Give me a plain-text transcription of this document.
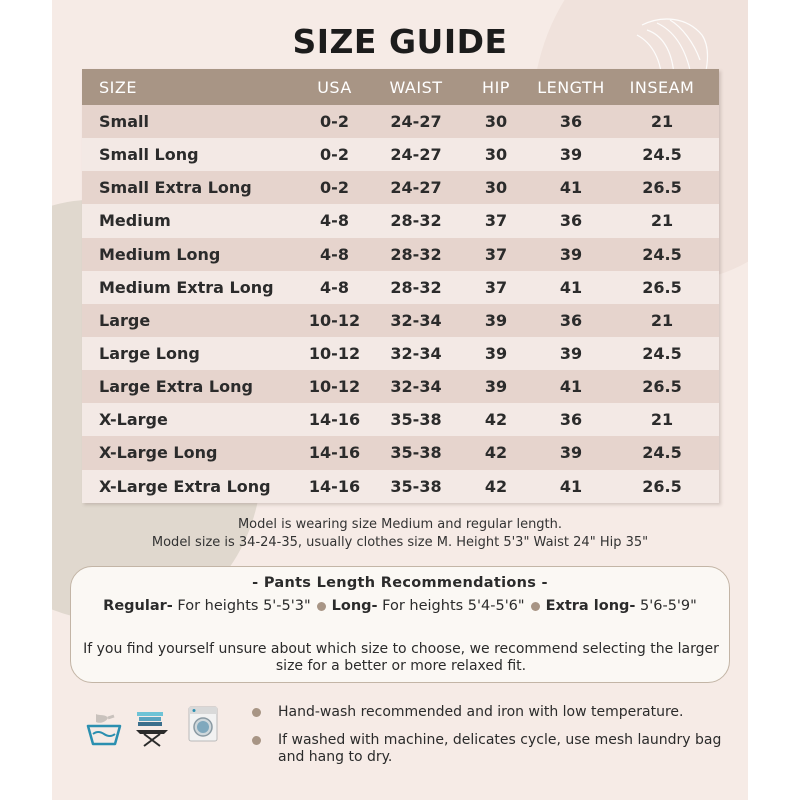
SIZE GUIDE
SIZE	USA	WAIST	HIP	LENGTH	INSEAM
Small	0-2	24-27	30	36	21
Small Long	0-2	24-27	30	39	24.5
Small Extra Long	0-2	24-27	30	41	26.5
Medium	4-8	28-32	37	36	21
Medium Long	4-8	28-32	37	39	24.5
Medium Extra Long	4-8	28-32	37	41	26.5
Large	10-12	32-34	39	36	21
Large Long	10-12	32-34	39	39	24.5
Large Extra Long	10-12	32-34	39	41	26.5
X-Large	14-16	35-38	42	36	21
X-Large Long	14-16	35-38	42	39	24.5
X-Large Extra Long	14-16	35-38	42	41	26.5
Model is wearing size Medium and regular length.
Model size is 34-24-35, usually clothes size M. Height 5'3" Waist 24" Hip 35"
- Pants Length Recommendations -
Regular- For heights 5'-5'3" Long- For heights 5'4-5'6" Extra long- 5'6-5'9"
If you find yourself unsure about which size to choose, we recommend selecting the larger size for a better or more relaxed fit.
Hand-wash recommended and iron with low temperature.
If washed with machine, delicates cycle, use mesh laundry bag and hang to dry.
